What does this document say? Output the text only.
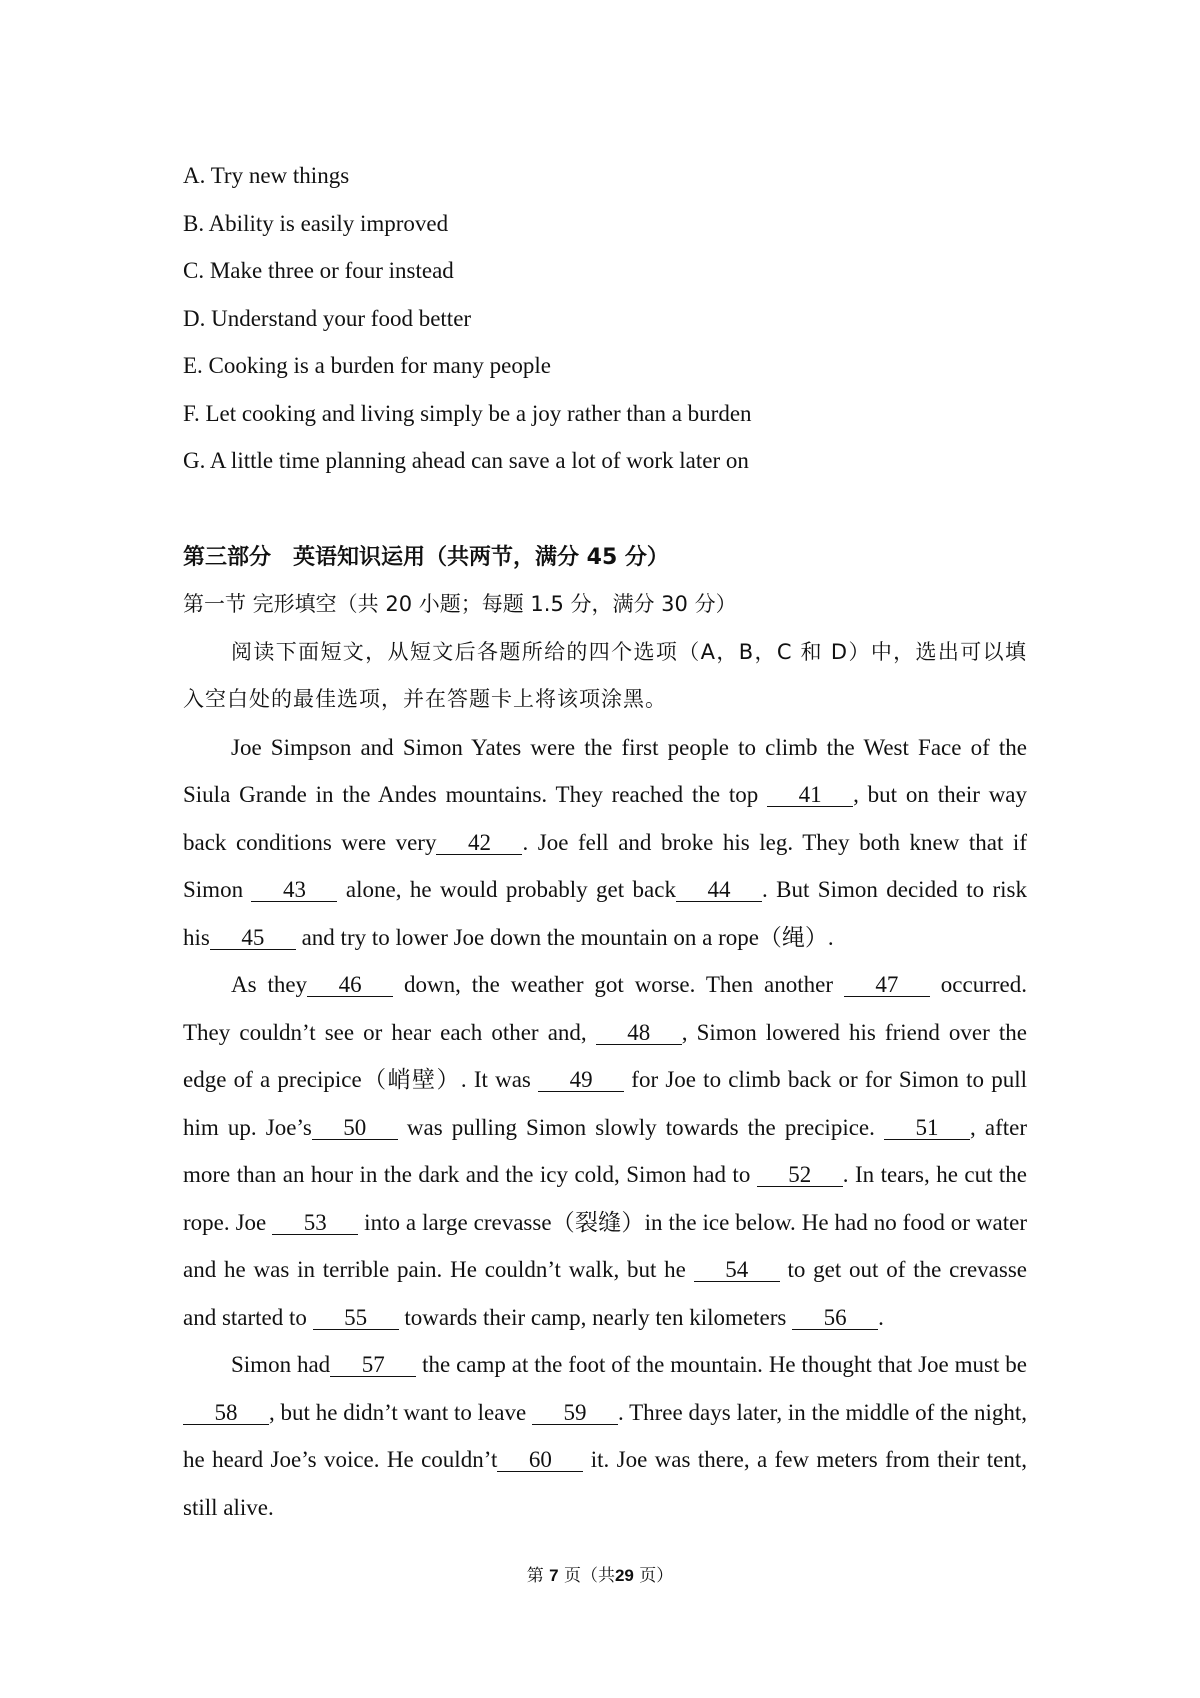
A. Try new things
B. Ability is easily improved
C. Make three or four instead
D. Understand your food better
E. Cooking is a burden for many people
F. Let cooking and living simply be a joy rather than a burden
G. A little time planning ahead can save a lot of work later on
第三部分　英语知识运用（共两节，满分 45 分）
第一节 完形填空（共 20 小题；每题 1.5 分，满分 30 分）

阅读下面短文，从短文后各题所给的四个选项（A，B，C 和 D）中，选出可以填入空白处的最佳选项，并在答题卡上将该项涂黑。

Joe Simpson and Simon Yates were the first people to climb the West Face of the Siula Grande in the Andes mountains. They reached the top 41 , but on their way back conditions were very 42 . Joe fell and broke his leg. They both knew that if Simon 43 alone, he would probably get back 44 . But Simon decided to risk his 45 and try to lower Joe down the mountain on a rope（绳）.

As they 46 down, the weather got worse. Then another 47 occurred. They couldn’t see or hear each other and, 48 , Simon lowered his friend over the edge of a precipice（峭壁）. It was 49 for Joe to climb back or for Simon to pull him up. Joe’s 50 was pulling Simon slowly towards the precipice. 51 , after more than an hour in the dark and the icy cold, Simon had to 52 . In tears, he cut the rope. Joe 53 into a large crevasse（裂缝）in the ice below. He had no food or water and he was in terrible pain. He couldn’t walk, but he 54 to get out of the crevasse and started to 55 towards their camp, nearly ten kilometers 56 .

Simon had 57 the camp at the foot of the mountain. He thought that Joe must be58 , but he didn’t want to leave 59 . Three days later, in the middle of the night, he heard Joe’s voice. He couldn’t 60 it. Joe was there, a few meters from their tent, still alive.

第 7 页（共29 页）
